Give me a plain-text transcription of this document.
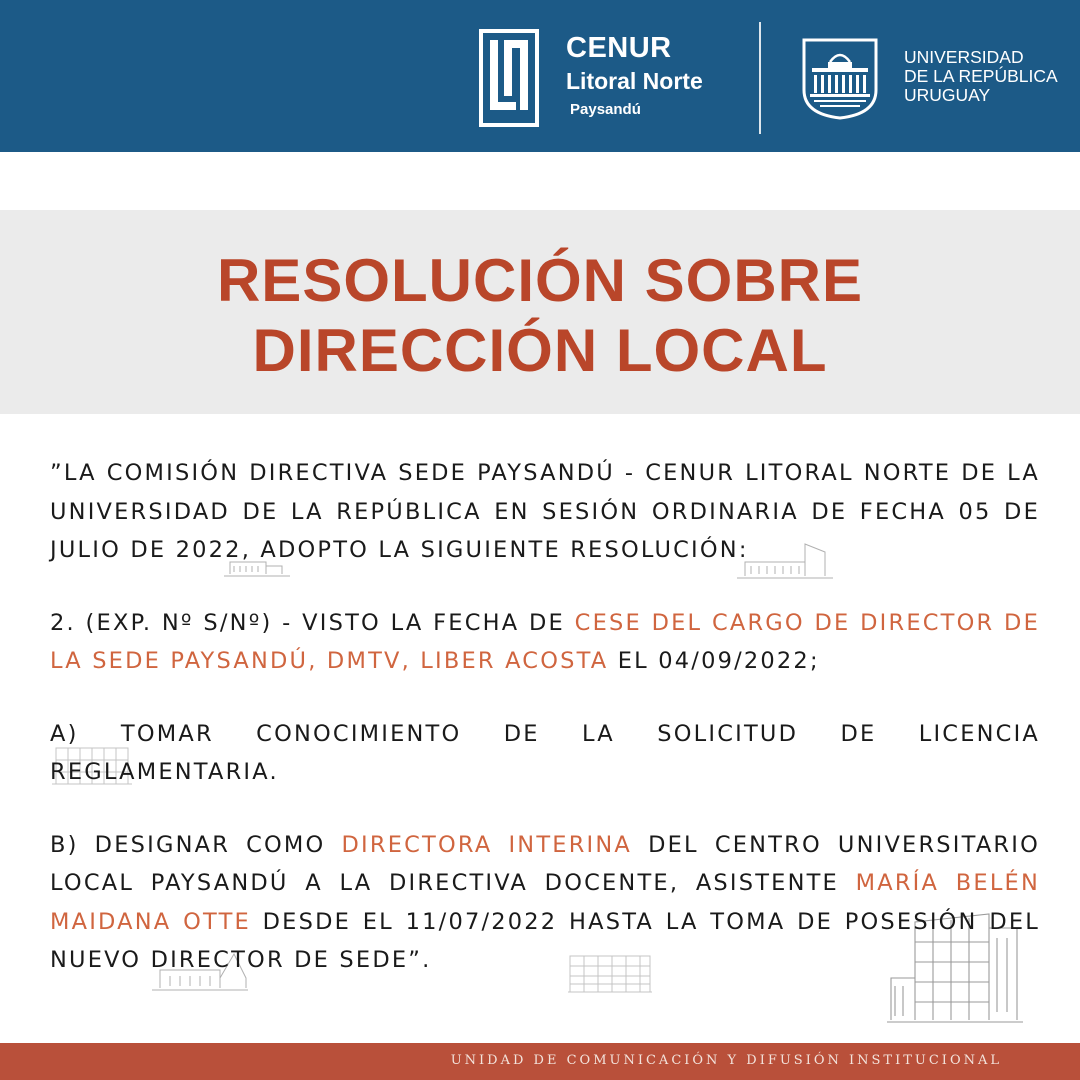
CENUR
Litoral Norte
Paysandú
UNIVERSIDAD
DE LA REPÚBLICA
URUGUAY
RESOLUCIÓN SOBRE
DIRECCIÓN LOCAL

”LA COMISIÓN DIRECTIVA SEDE PAYSANDÚ - CENUR LITORAL NORTE DE LA UNIVERSIDAD DE LA REPÚBLICA EN SESIÓN ORDINARIA DE FECHA 05 DE JULIO DE 2022, ADOPTO LA SIGUIENTE RESOLUCIÓN:

2. (EXP. Nº S/Nº) - VISTO LA FECHA DE CESE DEL CARGO DE DIRECTOR DE LA SEDE PAYSANDÚ, DMTV, LIBER ACOSTA EL 04/09/2022;

A) TOMAR CONOCIMIENTO DE LA SOLICITUD DE LICENCIA REGLAMENTARIA.

B) DESIGNAR COMO DIRECTORA INTERINA DEL CENTRO UNIVERSITARIO LOCAL PAYSANDÚ A LA DIRECTIVA DOCENTE, ASISTENTE MARÍA BELÉN MAIDANA OTTE DESDE EL 11/07/2022 HASTA LA TOMA DE POSESIÓN DEL NUEVO DIRECTOR DE SEDE”.

UNIDAD DE COMUNICACIÓN Y DIFUSIÓN INSTITUCIONAL
